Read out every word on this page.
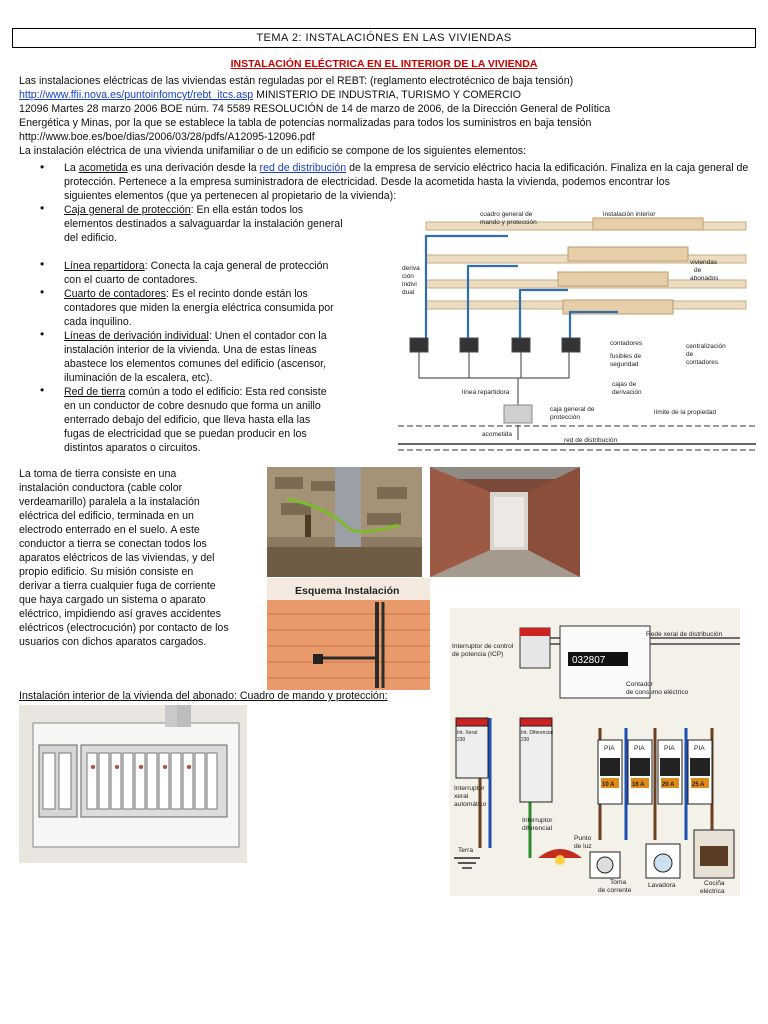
TEMA 2: INSTALACIÓNES EN LAS VIVIENDAS
INSTALACIÓN ELÉCTRICA EN EL INTERIOR DE LA VIVIENDA
Las instalaciones eléctricas de las viviendas están reguladas por el REBT: (reglamento electrotécnico de baja tensión)
http://www.ffii.nova.es/puntoinfomcyt/rebt_itcs.asp MINISTERIO DE INDUSTRIA, TURISMO Y COMERCIO
12096 Martes 28 marzo 2006 BOE núm. 74 5589 RESOLUCIÓN de 14 de marzo de 2006, de la Dirección General de Política
Energética y Minas, por la que se establece la tabla de potencias normalizadas para todos los suministros en baja tensión
http://www.boe.es/boe/dias/2006/03/28/pdfs/A12095-12096.pdf
La instalación eléctrica de una vivienda unifamiliar o de un edificio se compone de los siguientes elementos:
• La acometida es una derivación desde la red de distribución de la empresa de servicio eléctrico hacia la edificación. Finaliza en la caja general de
protección. Pertenece a la empresa suministradora de electricidad. Desde la acometida hasta la vivienda, podemos encontrar los
siguientes elementos (que ya pertenecen al propietario de la vivienda):
• Caja general de protección: En ella están todos los
elementos destinados a salvaguardar la instalación general
del edificio.
• Línea repartidora: Conecta la caja general de protección
con el cuarto de contadores.
• Cuarto de contadores: Es el recinto donde están los
contadores que miden la energía eléctrica consumida por
cada inquilino.
• Líneas de derivación individual: Unen el contador con la
instalación interior de la vivienda. Una de estas líneas
abastece los elementos comunes del edificio (ascensor,
iluminación de la escalera, etc).
• Red de tierra común a todo el edificio: Esta red consiste
en un conductor de cobre desnudo que forma un anillo
enterrado debajo del edificio, que lleva hasta ella las
fugas de electricidad que se puedan producir en los
distintos aparatos o circuitos.
cuadro general de
mando y protección
instalación interior
viviendas
de
abonados
deriva
ción
indivi
dual
contadores
fusibles de
seguridad
centralización
de
contadores
cajas de
derivación
línea repartidora
caja general de
protección
límite de la propiedad
acometida
red de distribución
La toma de tierra consiste en una
instalación conductora (cable color
verdeamarillo) paralela a la instalación
eléctrica del edificio, terminada en un
electrodo enterrado en el suelo. A este
conductor a tierra se conectan todos los
aparatos eléctricos de las viviendas, y del
propio edificio. Su misión consiste en
derivar a tierra cualquier fuga de corriente
que haya cargado un sistema o aparato
eléctrico, impidiendo así graves accidentes
eléctricos (electrocución) por contacto de los
usuarios con dichos aparatos cargados.
Esquema Instalación
Instalación interior de la vivienda del abonado: Cuadro de mando y protección:
032807
Rede xeral de distribución
Interruptor de control
de potencia (ICP)
Contador
de consumo eléctrico
Int. Xeral
230
Int. Diferencial
230
PIA	PIA	PIA	PIA
10 A	16 A	20 A	25 A
Interruptor
xeral
automático
Interruptor
diferencial
Punto
de luz
Terra
Toma
de corrente
Lavadora	Cociña
eléctrica
